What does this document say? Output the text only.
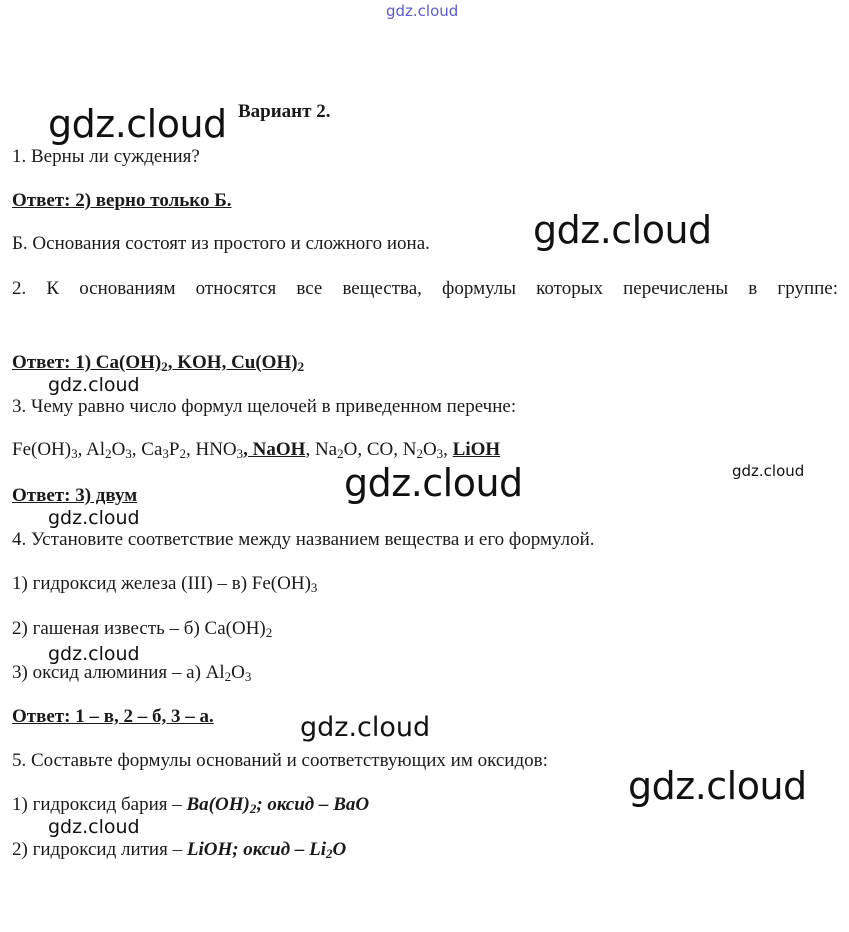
gdz.cloud
Вариант 2.
1. Верны ли суждения?
Ответ: 2) верно только Б.
Б. Основания состоят из простого и сложного иона.
2. К основаниям относятся все вещества, формулы которых перечислены в группе:
Ответ: 1) $Ca(OH)_2$, KOH, $Cu(OH)_2$
3. Чему равно число формул щелочей в приведенном перечне:
$Fe(OH)_3$, $Al_2O_3$, $Ca_3P_2$, $HNO_3$, NaOH, $Na_2O$, CO, $N_2O_3$, LiOH
Ответ: 3) двум
4. Установите соответствие между названием вещества и его формулой.
1) гидроксид железа (III) – в) $Fe(OH)_3$
2) гашеная известь – б) $Ca(OH)_2$
3) оксид алюминия – а) $Al_2O_3$
Ответ: 1 – в, 2 – б, 3 – а.
5. Составьте формулы оснований и соответствующих им оксидов:
1) гидроксид бария – $Ba(OH)_2$; оксид – BaO
2) гидроксид лития – LiOH; оксид – $Li_2O$
gdz.cloud
gdz.cloud
gdz.cloud
gdz.cloud	gdz.cloud
gdz.cloud
gdz.cloud
gdz.cloud
gdz.cloud
gdz.cloud
